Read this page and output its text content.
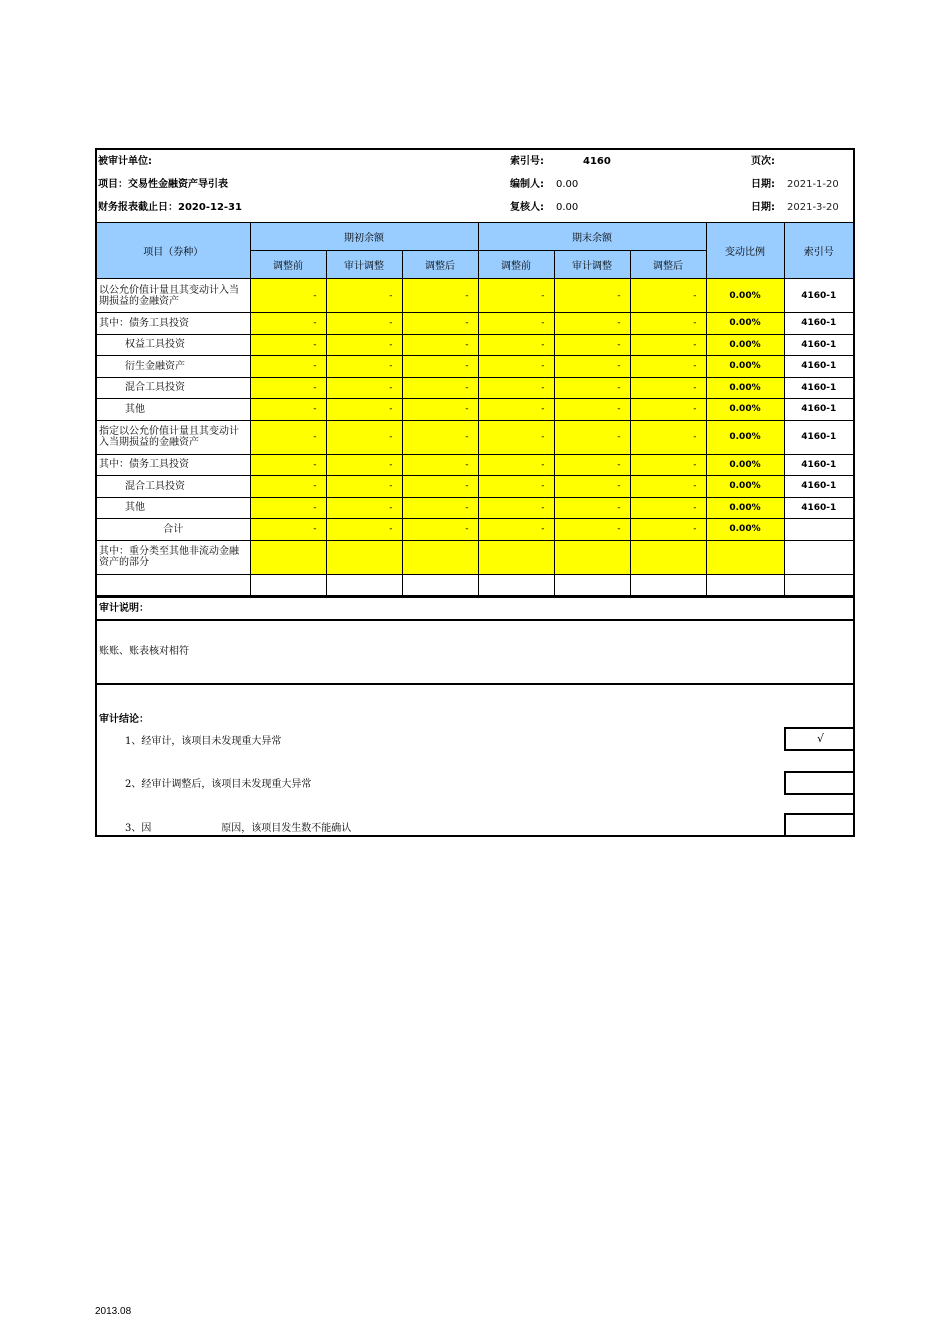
被审计单位:	索引号:	4160	页次:
项目：交易性金融资产导引表	编制人: 0.00	日期: 2021-1-20
财务报表截止日：2020-12-31	复核人: 0.00	日期: 2021-3-20
项目（券种）	期初余额			期末余额			变动比例	索引号
	调整前	审计调整	调整后	调整前	审计调整	调整后		
以公允价值计量且其变动计入当期损益的金融资产	-	-	-	-	-	-	0.00%	4160-1
其中：债务工具投资	-	-	-	-	-	-	0.00%	4160-1
权益工具投资	-	-	-	-	-	-	0.00%	4160-1
衍生金融资产	-	-	-	-	-	-	0.00%	4160-1
混合工具投资	-	-	-	-	-	-	0.00%	4160-1
其他	-	-	-	-	-	-	0.00%	4160-1
指定以公允价值计量且其变动计入当期损益的金融资产	-	-	-	-	-	-	0.00%	4160-1
其中：债务工具投资	-	-	-	-	-	-	0.00%	4160-1
混合工具投资	-	-	-	-	-	-	0.00%	4160-1
其他	-	-	-	-	-	-	0.00%	4160-1
合计	-	-	-	-	-	-	0.00%	
其中：重分类至其他非流动金融资产的部分								

审计说明：
账账、账表核对相符
审计结论：
1、经审计，该项目未发现重大异常	√
2、经审计调整后，该项目未发现重大异常
3、因                      原因，该项目发生数不能确认
2013.08
